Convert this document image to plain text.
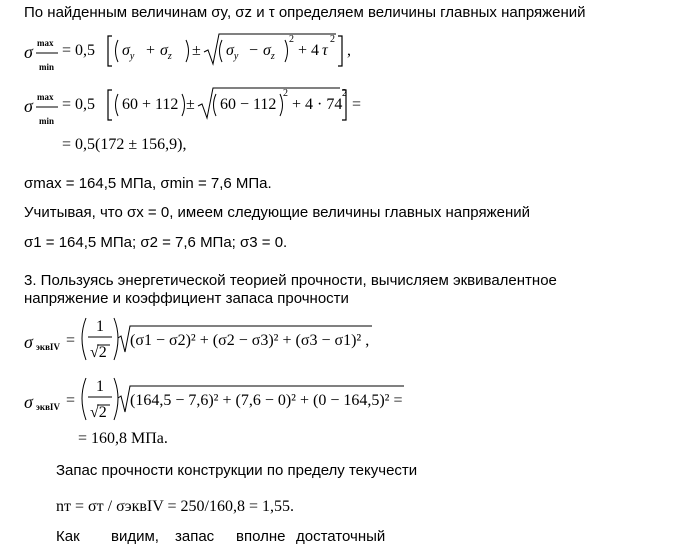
По найденным величинам σy, σz и τ определяем величины главных напряжений
σ max
min
= 0,5 $\sigma_y + \sigma_z \pm \sigma_y - \sigma_z$
2
+ 4 τ
2
,
σ max
min
= 0,5 60 + 112 ± 60 − 112
2
+ 4 · 74
2
=
= 0,5(172 ± 156,9),
σmax = 164,5 МПа, σmin = 7,6 МПа.
Учитывая, что σx = 0, имеем следующие величины главных напряжений
σ1 = 164,5 МПа; σ2 = 7,6 МПа; σ3 = 0.
3. Пользуясь энергетической теорией прочности, вычисляем эквивалентное
напряжение и коэффициент запаса прочности
σ эквIV =
1
√2
(σ1 − σ2)² + (σ2 − σ3)² + (σ3 − σ1)² ,
σ эквIV =
1
√2
(164,5 − 7,6)² + (7,6 − 0)² + (0 − 164,5)² =
= 160,8 МПа.
Запас прочности конструкции по пределу текучести
nт = σт / σэквIV = 250/160,8 = 1,55.
Как видим, запас вполне достаточный
